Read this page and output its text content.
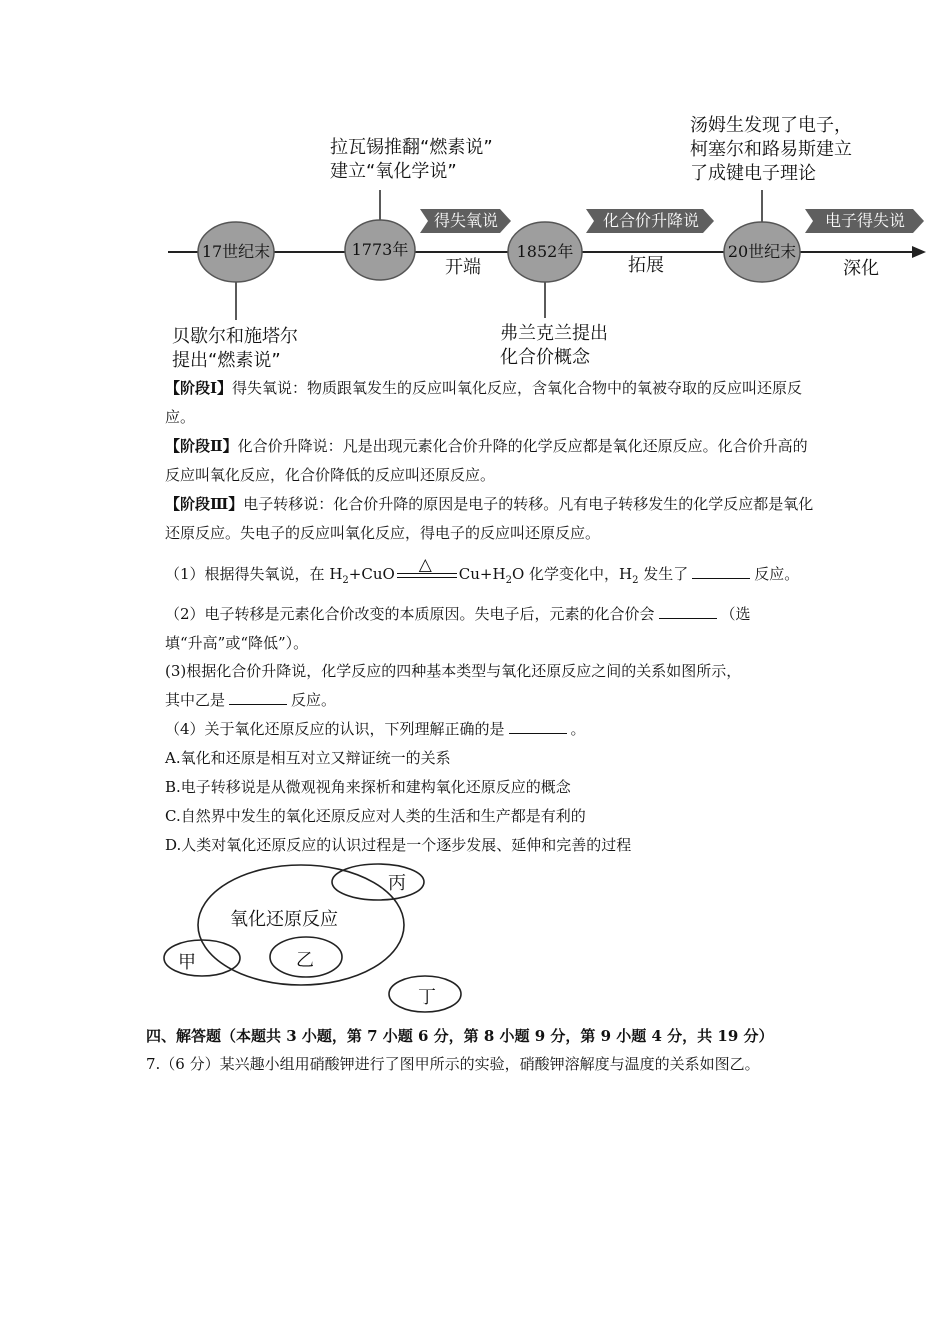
17世纪末	1773年	1852年	20世纪末
得失氧说	化合价升降说	电子得失说
开端	拓展	深化
拉瓦锡推翻“燃素说”
建立“氧化学说”
汤姆生发现了电子，
柯塞尔和路易斯建立
了成键电子理论
贝歇尔和施塔尔
提出“燃素说”
弗兰克兰提出
化合价概念

【阶段Ⅰ】得失氧说：物质跟氧发生的反应叫氧化反应，含氧化合物中的氧被夺取的反应叫还原反应。

【阶段Ⅱ】化合价升降说：凡是出现元素化合价升降的化学反应都是氧化还原反应。化合价升高的反应叫氧化反应，化合价降低的反应叫还原反应。

【阶段Ⅲ】电子转移说：化合价升降的原因是电子的转移。凡有电子转移发生的化学反应都是氧化还原反应。失电子的反应叫氧化反应，得电子的反应叫还原反应。

（1）根据得失氧说，在 $H_2+CuO$ △ $Cu+H_2O$ 化学变化中，$H_2$ 发生了	反应。
（2）电子转移是元素化合价改变的本质原因。失电子后，元素的化合价会	（选
填“升高”或“降低”）。
(3)根据化合价升降说，化学反应的四种基本类型与氧化还原反应之间的关系如图所示，
其中乙是	反应。
（4）关于氧化还原反应的认识，下列理解正确的是	。
A.氧化和还原是相互对立又辩证统一的关系
B.电子转移说是从微观视角来探析和建构氧化还原反应的概念
C.自然界中发生的氧化还原反应对人类的生活和生产都是有利的
D.人类对氧化还原反应的认识过程是一个逐步发展、延伸和完善的过程
氧化还原反应
丙
甲	乙
丁
四、解答题（本题共 3 小题，第 7 小题 6 分，第 8 小题 9 分，第 9 小题 4 分，共 19 分）
7.（6 分）某兴趣小组用硝酸钾进行了图甲所示的实验，硝酸钾溶解度与温度的关系如图乙。
